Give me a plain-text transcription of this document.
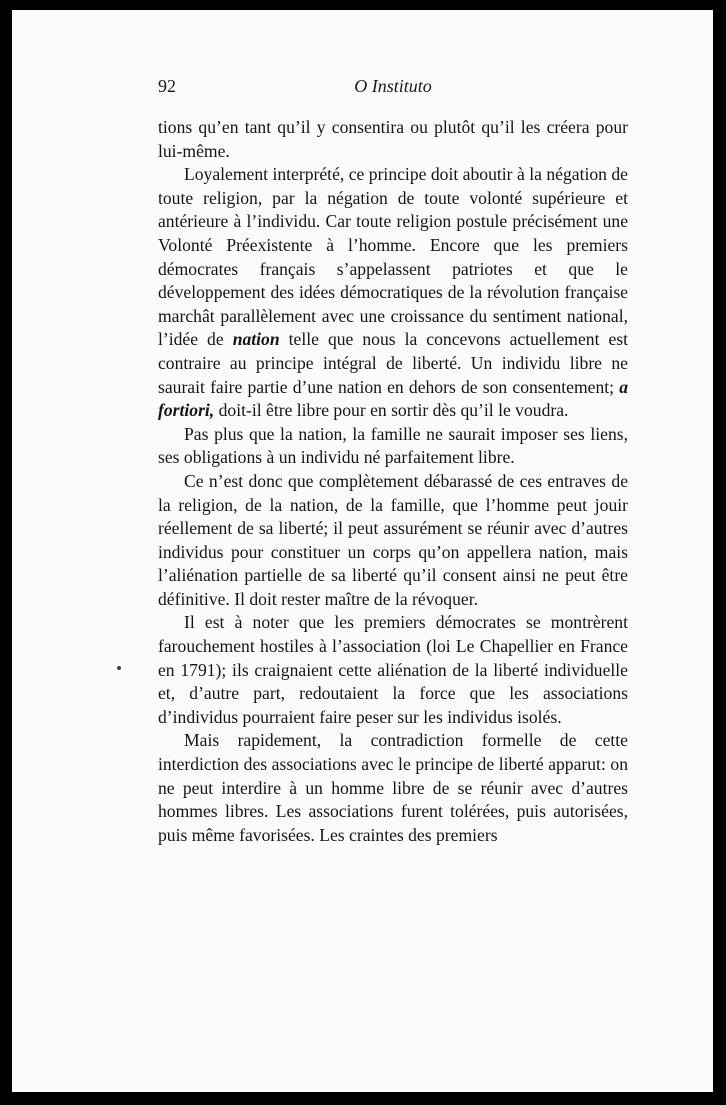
92	O Instituto

tions qu’en tant qu’il y consentira ou plutôt qu’il les créera pour lui-même.

Loyalement interprété, ce principe doit aboutir à la négation de toute religion, par la négation de toute volonté supérieure et antérieure à l’individu. Car toute religion postule précisément une Volonté Préexistente à l’homme. Encore que les premiers démocrates français s’appelassent patriotes et que le développement des idées démocratiques de la révolution française marchât parallèlement avec une croissance du sentiment national, l’idée de nation telle que nous la concevons actuellement est contraire au principe intégral de liberté. Un individu libre ne saurait faire partie d’une nation en dehors de son consentement; a fortiori, doit-il être libre pour en sortir dès qu’il le voudra.

Pas plus que la nation, la famille ne saurait imposer ses liens, ses obligations à un individu né parfaitement libre.

Ce n’est donc que complètement débarassé de ces entraves de la religion, de la nation, de la famille, que l’homme peut jouir réellement de sa liberté; il peut assurément se réunir avec d’autres individus pour constituer un corps qu’on appellera nation, mais l’aliénation partielle de sa liberté qu’il consent ainsi ne peut être définitive. Il doit rester maître de la révoquer.

Il est à noter que les premiers démocrates se montrèrent farouchement hostiles à l’association (loi Le Chapellier en France en 1791); ils craignaient cette aliénation de la liberté individuelle et, d’autre part, redoutaient la force que les associations d’individus pourraient faire peser sur les individus isolés.

Mais rapidement, la contradiction formelle de cette interdiction des associations avec le principe de liberté apparut: on ne peut interdire à un homme libre de se réunir avec d’autres hommes libres. Les associations furent tolérées, puis autorisées, puis même favorisées. Les craintes des premiers
